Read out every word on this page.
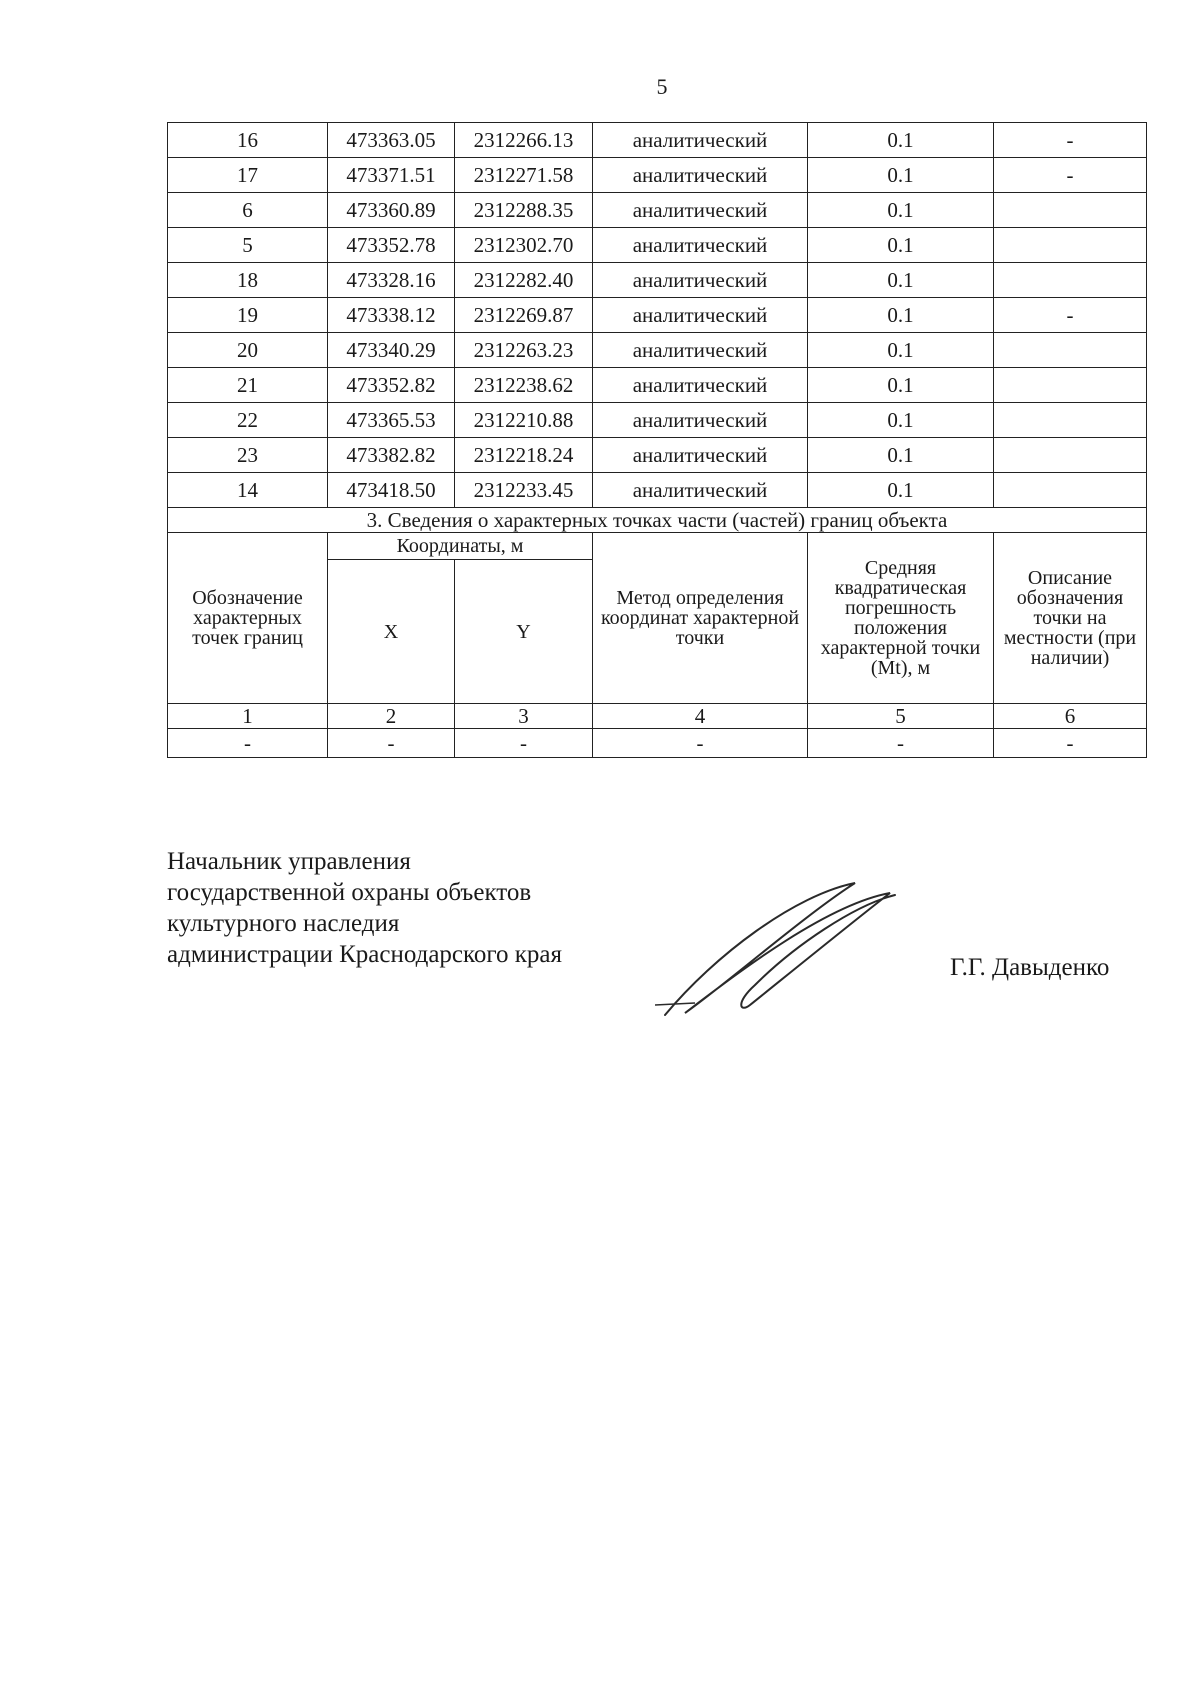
5
16	473363.05	2312266.13	аналитический	0.1	-
17	473371.51	2312271.58	аналитический	0.1	-
6	473360.89	2312288.35	аналитический	0.1	
5	473352.78	2312302.70	аналитический	0.1	
18	473328.16	2312282.40	аналитический	0.1	
19	473338.12	2312269.87	аналитический	0.1	-
20	473340.29	2312263.23	аналитический	0.1	
21	473352.82	2312238.62	аналитический	0.1	
22	473365.53	2312210.88	аналитический	0.1	
23	473382.82	2312218.24	аналитический	0.1	
14	473418.50	2312233.45	аналитический	0.1	
3. Сведения о характерных точках части (частей) границ объекта					
Обозначение характерных точек границ	Координаты, м		Метод определения координат характерной точки	Средняя квадратическая погрешность положения характерной точки (Mt), м	Описание обозначения точки на местности (при наличии)
	X	Y			
1	2	3	4	5	6
-	-	-	-	-	-
Начальник управления
государственной охраны объектов
культурного наследия
администрации Краснодарского края	Г.Г. Давыденко
